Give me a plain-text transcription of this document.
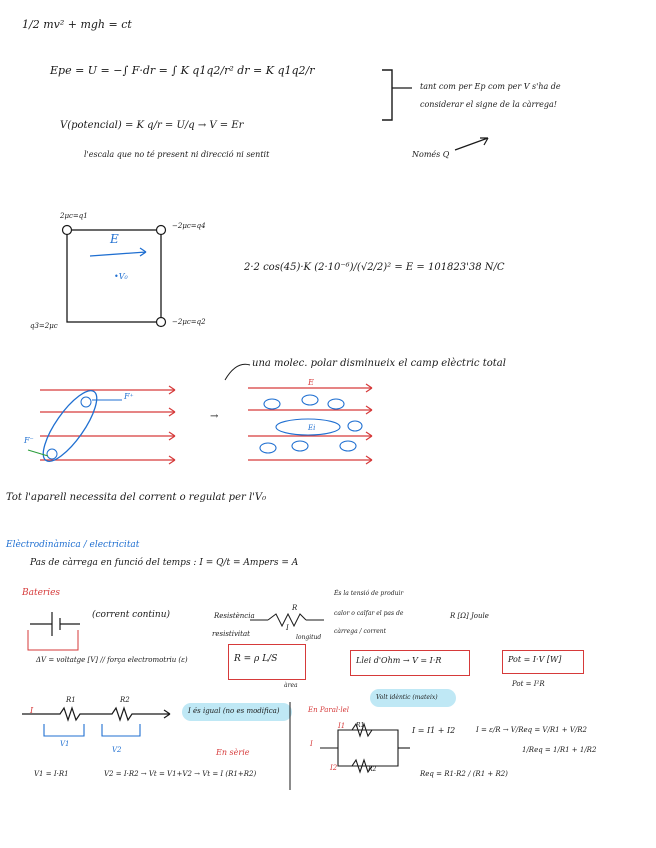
1/2 mv² + mgh = ct
Epe = U = −∫ F·dr = ∫ K q1q2/r² dr = K q1q2/r
V(potencial) = K q/r = U/q → V = Er
tant com per Ep com per V s'ha de
considerar el signe de la càrrega!
l'escala que no té present ni direcció ni sentit	Només Q
2μc=q1
−2μc=q4
q3=2μc	−2μc=q2
E
•V₀
2·2 cos(45)·K (2·10⁻⁶)/(√2/2)² = E = 101823'38 N/C
una molec. polar disminueix el camp elèctric total
E
F⁺
F⁻
→
Ei
Tot l'aparell necessita del corrent o regulat per l'V₀
Elèctrodinàmica / electricitat
Pas de càrrega en funció del temps : I = Q/t = Ampers = A
Bateries
(corrent continu)
ΔV = voltatge [V] // força electromotriu (ε)
Resistència
resistivitat
R
I
longitud
àrea
És la tensió de produir
calor o calfar el pas de
càrrega / corrent
R [Ω] Joule
R = ρ L/S	Llei d'Ohm → V = I·R	Pot = I·V [W]
Pot = I²R
I
R1	R2
V1
V2
I és igual (no es modifica)
En sèrie
V1 = I·R1	V2 = I·R2 → Vt = V1+V2 → Vt = I (R1+R2)
En Paral·lel
Volt idèntic (mateix)
I1
I2
I
R1
R2
I = I1 + I2	I = ε/R → V/Req = V/R1 + V/R2
1/Req = 1/R1 + 1/R2
Req = R1·R2 / (R1 + R2)
